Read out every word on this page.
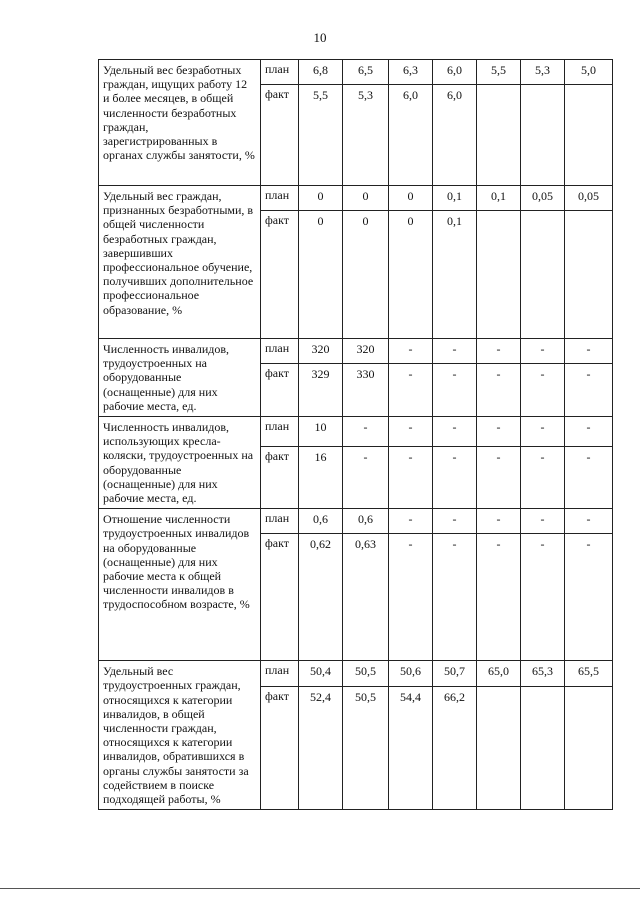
10
Удельный вес безработных граждан, ищущих работу 12 и более месяцев, в общей численности безработных граждан, зарегистрированных в органах службы занятости, %	план	6,8	6,5	6,3	6,0	5,5	5,3	5,0
	факт	5,5	5,3	6,0	6,0			
Удельный вес граждан, признанных безработными, в общей численности безработных граждан, завершивших профессиональное обучение, получивших дополнительное профессиональное образование, %	план	0	0	0	0,1	0,1	0,05	0,05
	факт	0	0	0	0,1			
Численность инвалидов, трудоустроенных на оборудованные (оснащенные) для них рабочие места, ед.	план	320	320	-	-	-	-	-
	факт	329	330	-	-	-	-	-
Численность инвалидов, использующих кресла-коляски, трудоустроенных на оборудованные (оснащенные) для них рабочие места, ед.	план	10	-	-	-	-	-	-
	факт	16	-	-	-	-	-	-
Отношение численности трудоустроенных инвалидов на оборудованные (оснащенные) для них рабочие места к общей численности инвалидов в трудоспособном возрасте, %	план	0,6	0,6	-	-	-	-	-
	факт	0,62	0,63	-	-	-	-	-
Удельный вес трудоустроенных граждан, относящихся к категории инвалидов, в общей численности граждан, относящихся к категории инвалидов, обратившихся в органы службы занятости за содействием в поиске подходящей работы, %	план	50,4	50,5	50,6	50,7	65,0	65,3	65,5
	факт	52,4	50,5	54,4	66,2			
